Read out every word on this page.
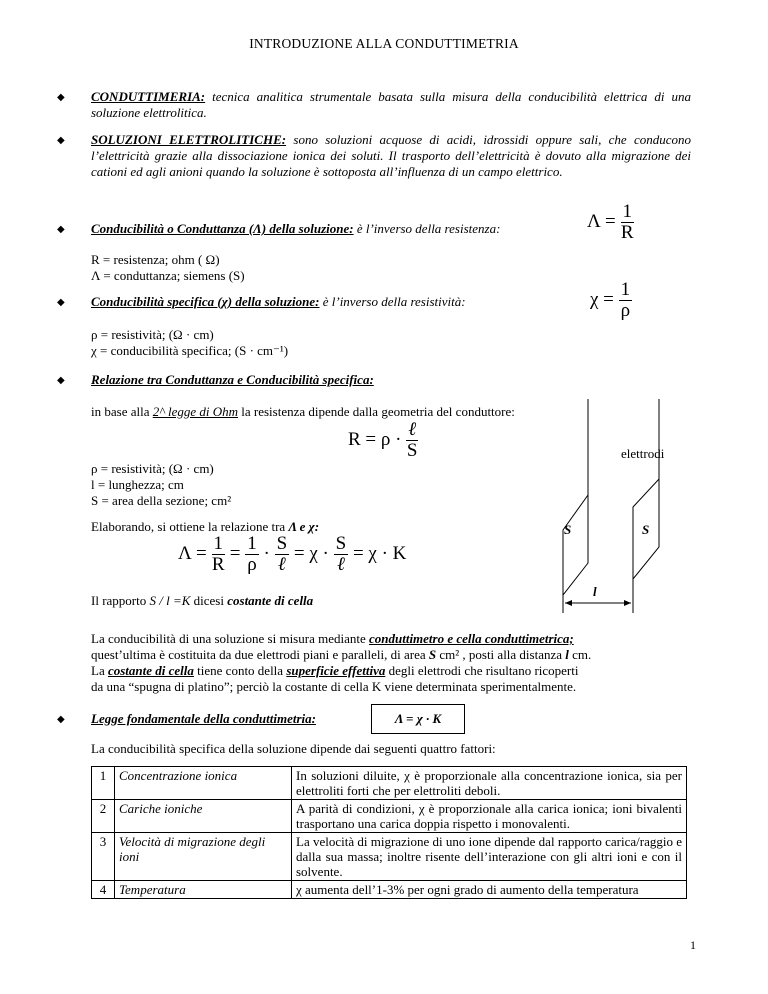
INTRODUZIONE ALLA CONDUTTIMETRIA
◆ CONDUTTIMERIA: tecnica analitica strumentale basata sulla misura della conducibilità elettrica di una soluzione elettrolitica.
◆ SOLUZIONI ELETTROLITICHE: sono soluzioni acquose di acidi, idrossidi oppure sali, che conducono l’elettricità grazie alla dissociazione ionica dei soluti. Il trasporto dell’elettricità è dovuto alla migrazione dei cationi ed agli anioni quando la soluzione è sottoposta all’influenza di un campo elettrico.
◆ Conducibilità o Conduttanza (Λ) della soluzione: è l’inverso della resistenza:	$\Lambda = \frac{1}{R}$
R = resistenza; ohm ( Ω)
Λ = conduttanza; siemens (S)
◆ Conducibilità specifica (χ) della soluzione: è l’inverso della resistività:	$\chi = \frac{1}{\rho}$
ρ = resistività; (Ω · cm)
χ = conducibilità specifica; (S · cm⁻¹)
◆ Relazione tra Conduttanza e Conducibilità specifica:
in base alla 2^ legge di Ohm la resistenza dipende dalla geometria del conduttore:
$R = \rho \cdot \frac{\text{ℓ}}{S}$
ρ = resistività; (Ω · cm)
l = lunghezza; cm
S = area della sezione; cm²
Elaborando, si ottiene la relazione tra Λ e χ:
$\Lambda = \frac{1}{R} = \frac{1}{\rho} \cdot \frac{S}{\text{ℓ}} = \chi \cdot \frac{S}{\text{ℓ}} = \chi \cdot K$
Il rapporto S / l =K dicesi costante di cella
elettrodi
S	S
l
La conducibilità di una soluzione si misura mediante conduttimetro e cella conduttimetrica;
quest’ultima è costituita da due elettrodi piani e paralleli, di area S cm² , posti alla distanza l cm.
La costante di cella tiene conto della superficie effettiva degli elettrodi che risultano ricoperti
da una “spugna di platino”; perciò la costante di cella K viene determinata sperimentalmente.
◆ Legge fondamentale della conduttimetria:	Λ = χ · K
La conducibilità specifica della soluzione dipende dai seguenti quattro fattori:
1	Concentrazione ionica	In soluzioni diluite, χ è proporzionale alla concentrazione ionica, sia per elettroliti forti che per elettroliti deboli.
2	Cariche ioniche	A parità di condizioni, χ è proporzionale alla carica ionica; ioni bivalenti trasportano una carica doppia rispetto i monovalenti.
3	Velocità di migrazione degli ioni	La velocità di migrazione di uno ione dipende dal rapporto carica/raggio e dalla sua massa; inoltre risente dell’interazione con gli altri ioni e con il solvente.
4	Temperatura	χ aumenta dell’1-3% per ogni grado di aumento della temperatura
1
